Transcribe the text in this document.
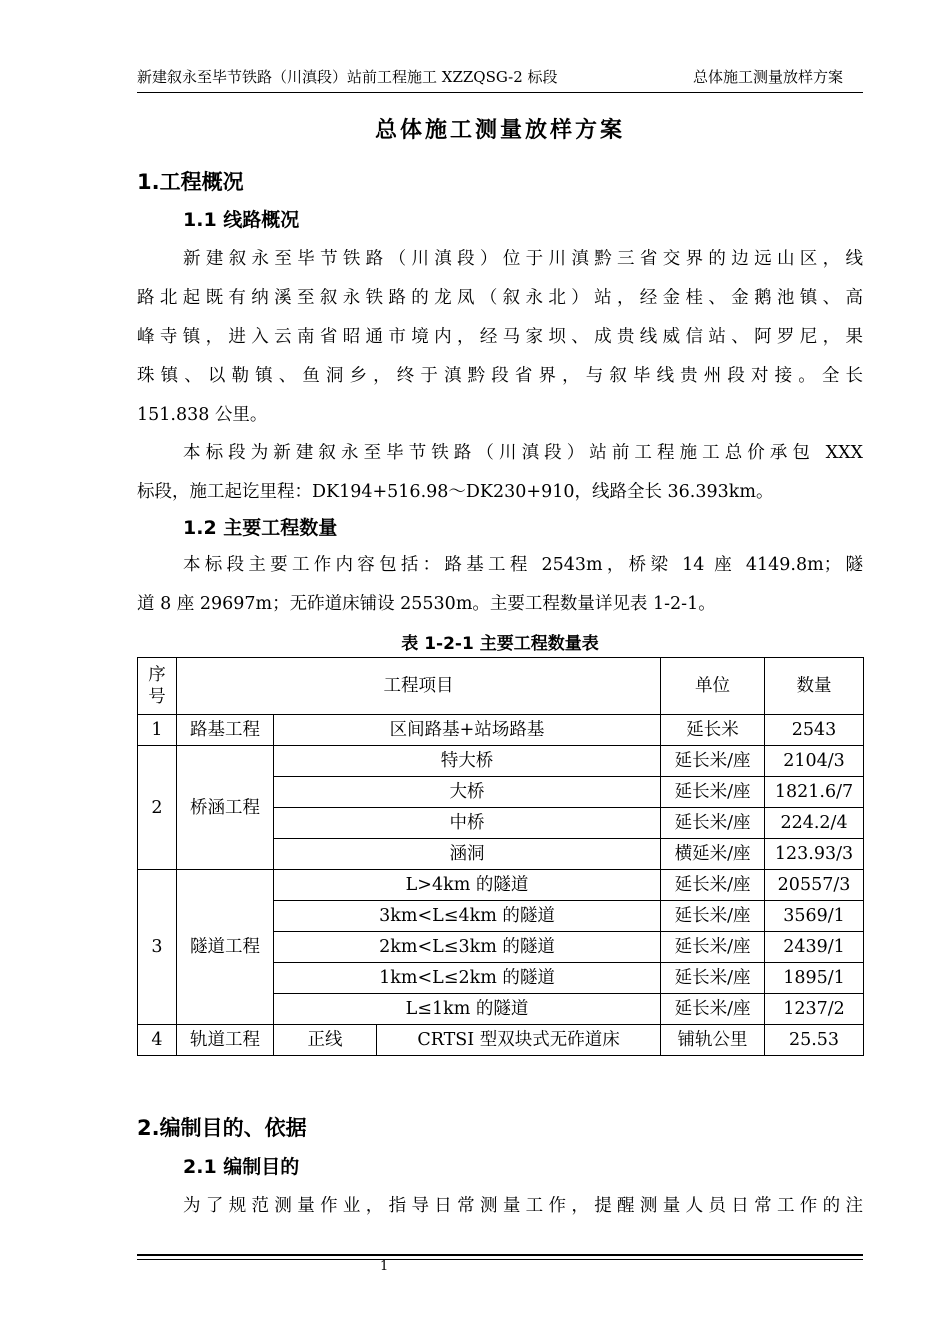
新建叙永至毕节铁路（川滇段）站前工程施工 XZZQSG-2 标段	总体施工测量放样方案
总体施工测量放样方案
1.工程概况
1.1 线路概况
新建叙永至毕节铁路（川滇段）位于川滇黔三省交界的边远山区，线
路北起既有纳溪至叙永铁路的龙凤（叙永北）站，经金桂、金鹅池镇、高
峰寺镇，进入云南省昭通市境内，经马家坝、成贵线威信站、阿罗尼，果
珠镇、以勒镇、鱼洞乡，终于滇黔段省界，与叙毕线贵州段对接。全长
151.838 公里。
本标段为新建叙永至毕节铁路（川滇段）站前工程施工总价承包 XXX
标段，施工起讫里程：DK194+516.98～DK230+910，线路全长 36.393km。
1.2 主要工程数量
本标段主要工作内容包括：路基工程 2543m，桥梁 14 座 4149.8m；隧
道 8 座 29697m；无砟道床铺设 25530m。主要工程数量详见表 1-2-1。
表 1-2-1 主要工程数量表
序号	工程项目			单位	数量
1	路基工程	区间路基+站场路基		延长米	2543
2	桥涵工程	特大桥		延长米/座	2104/3
		大桥		延长米/座	1821.6/7
		中桥		延长米/座	224.2/4
		涵洞		横延米/座	123.93/3
3	隧道工程	L>4km 的隧道		延长米/座	20557/3
		3km<L≤4km 的隧道		延长米/座	3569/1
		2km<L≤3km 的隧道		延长米/座	2439/1
		1km<L≤2km 的隧道		延长米/座	1895/1
		L≤1km 的隧道		延长米/座	1237/2
4	轨道工程	正线	CRTSI 型双块式无砟道床	铺轨公里	25.53
2.编制目的、依据
2.1 编制目的
为了规范测量作业，指导日常测量工作，提醒测量人员日常工作的注
1
